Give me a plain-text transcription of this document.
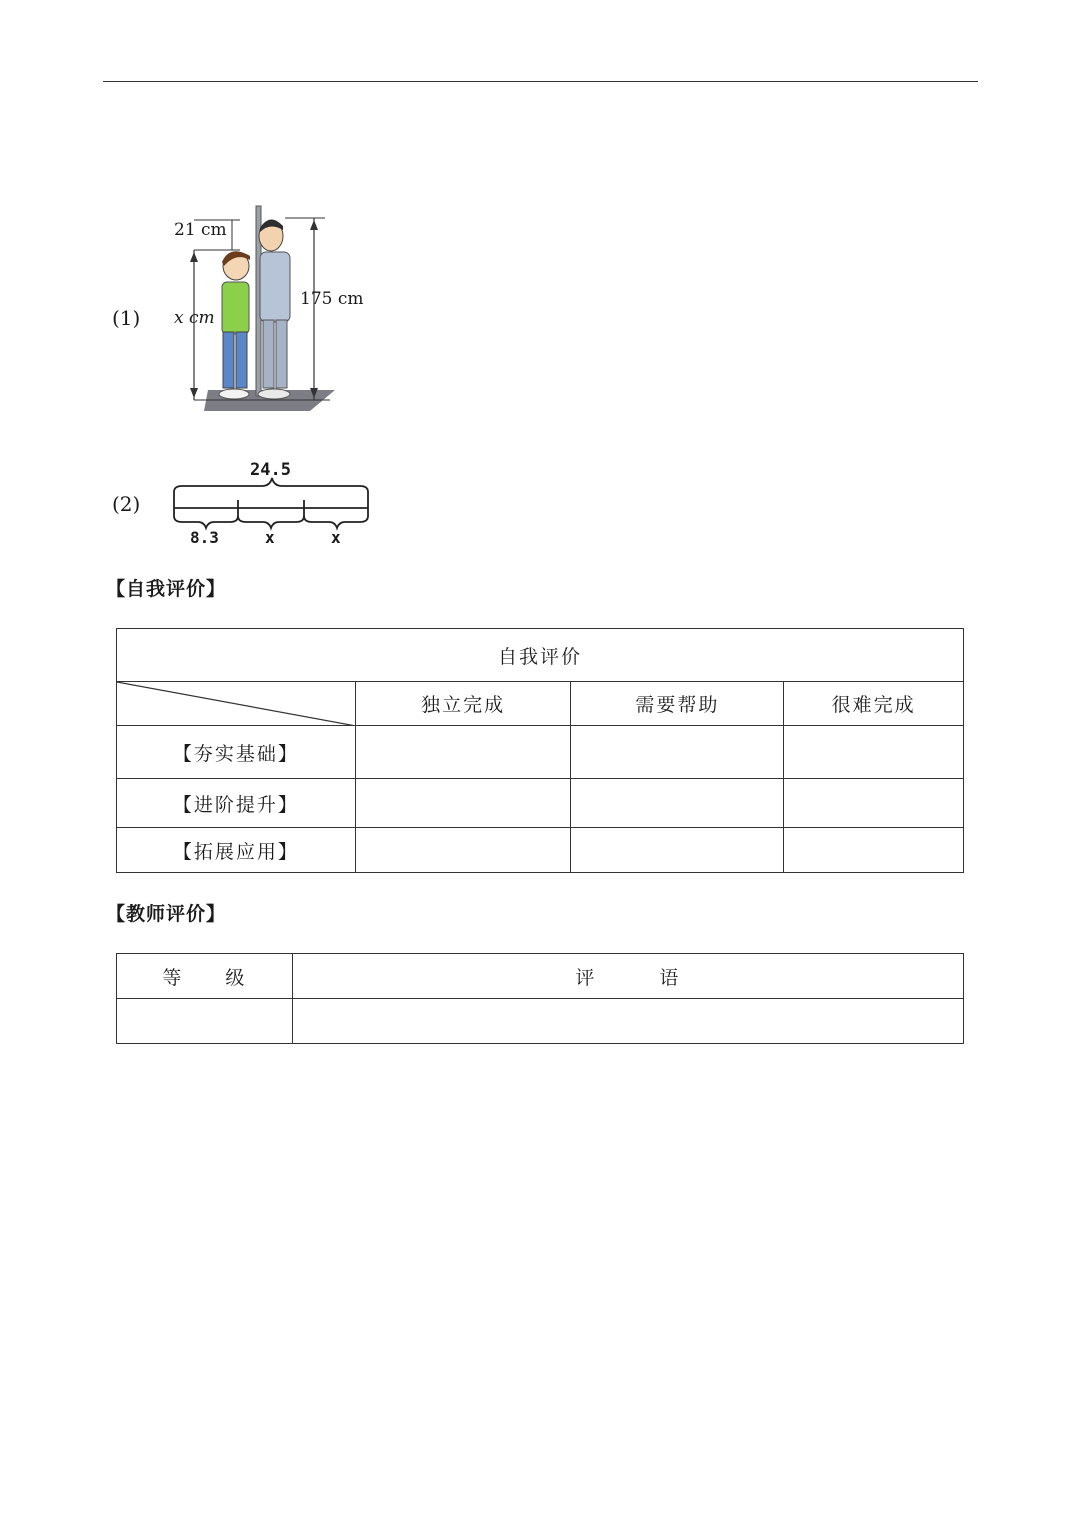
(1)
21 cm
175 cm
x cm
(2)
24.5
8.3	x	x
【自我评价】
自我评价			

	独立完成	需要帮助	很难完成
【夯实基础】			
【进阶提升】			
【拓展应用】			
【教师评价】
等　　级	评　　　语
